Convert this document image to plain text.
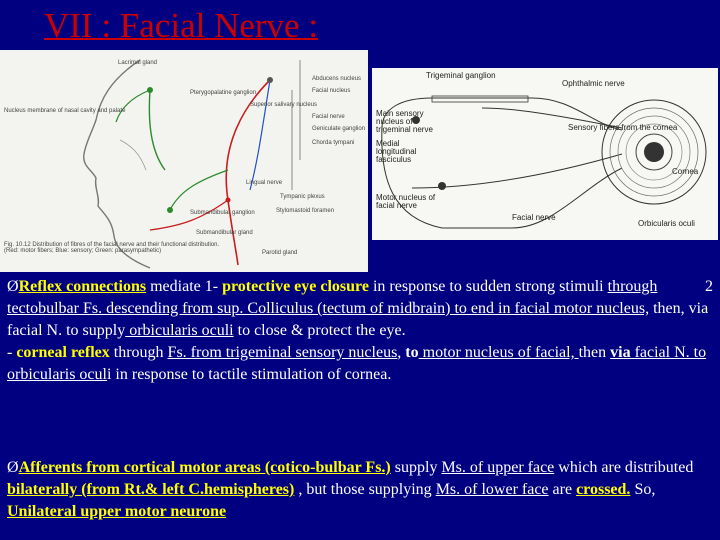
VII : Facial Nerve :
Lacrimal gland
Pterygopalatine ganglion
Nucleus membrane of nasal cavity and palate
Superior salivary nucleus
Facial nucleus
Abducens nucleus
Facial nerve
Chorda tympani
Geniculate ganglion
Lingual nerve
Submandibular ganglion	Stylomastoid foramen
Tympanic plexus
Submandibular gland
Parotid gland
Fig. 10.12 Distribution of fibres of the facial nerve and their functional distribution. (Red: motor fibers; Blue: sensory; Green: parasympathetic)
Trigeminal ganglion
Ophthalmic nerve
Main sensory nucleus of trigeminal nerve	Sensory fibers from the cornea
Medial longitudinal fasciculus
Motor nucleus of facial nerve
Cornea
Facial nerve
Orbicularis oculi

2
ØReflex connections mediate 1- protective eye closure in response to sudden strong stimuli through tectobulbar Fs. descending from sup. Colliculus (tectum of midbrain) to end in facial motor nucleus, then, via facial N. to supply orbicularis oculi to close & protect the eye.
- corneal reflex through Fs. from trigeminal sensory nucleus, to motor nucleus of facial, then via facial N. to orbicularis oculi in response to tactile stimulation of cornea.

ØAfferents from cortical motor areas (cotico-bulbar Fs.) supply Ms. of upper face which are distributed bilaterally (from Rt.& left C.hemispheres) , but those supplying Ms. of lower face are crossed. So, Unilateral upper motor neurone
